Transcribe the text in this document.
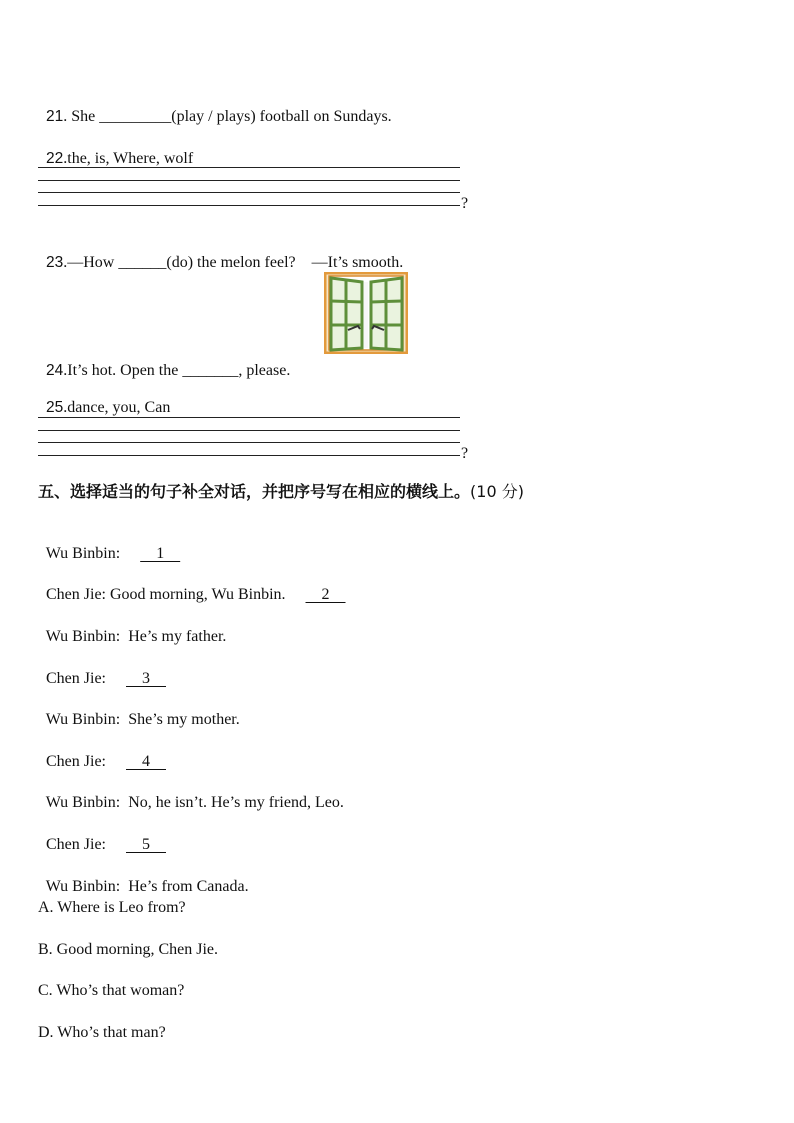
21. She _________(play / plays) football on Sundays.

22.the, is, Where, wolf

?

23.—How ______(do) the melon feel?    —It’s smooth.

24.It’s hot. Open the _______, please.

25.dance, you, Can

?
五、选择适当的句子补全对话，并把序号写在相应的横线上。(10 分)

Wu Binbin:      1

Chen Jie: Good morning, Wu Binbin.      2

Wu Binbin: He’s my father.

Chen Jie:      3

Wu Binbin: She’s my mother.

Chen Jie:      4

Wu Binbin: No, he isn’t. He’s my friend, Leo.

Chen Jie:      5

Wu Binbin: He’s from Canada.

A. Where is Leo from?
B. Good morning, Chen Jie.
C. Who’s that woman?
D. Who’s that man?
